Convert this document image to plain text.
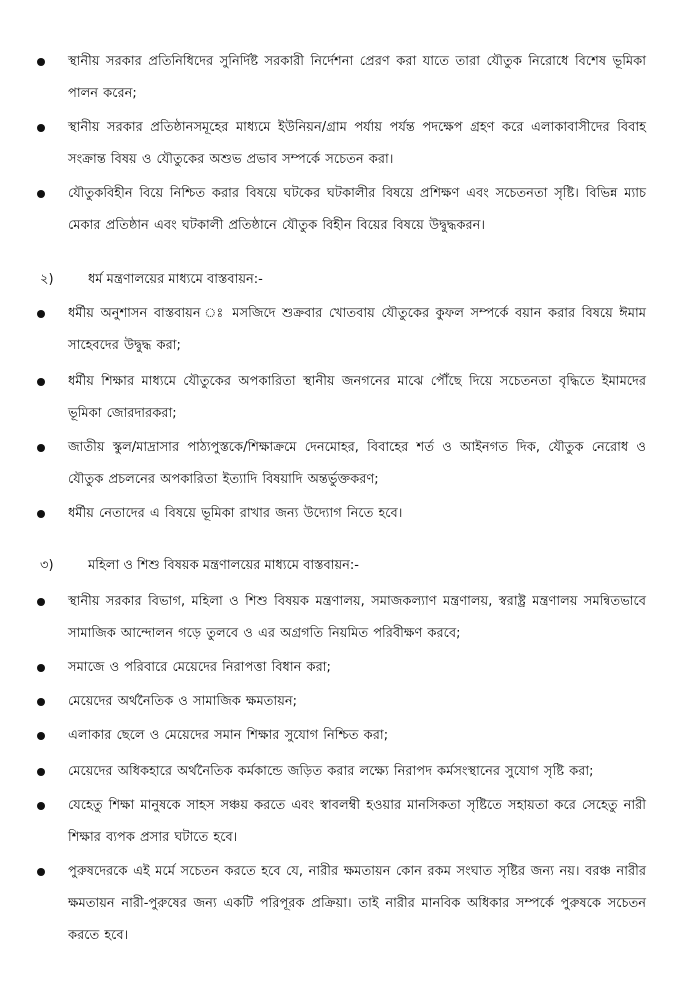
স্থানীয় সরকার প্রতিনিধিদের সুনির্দিষ্ট সরকারী নির্দেশনা প্রেরণ করা যাতে তারা যৌতুক নিরোধে বিশেষ ভূমিকা পালন করেন;
স্থানীয় সরকার প্রতিষ্ঠানসমূহের মাধ্যমে ইউনিয়ন/গ্রাম পর্যায় পর্যন্ত পদক্ষেপ গ্রহণ করে এলাকাবাসীদের বিবাহ সংক্রান্ত বিষয় ও যৌতুকের অশুভ প্রভাব সম্পর্কে সচেতন করা।
যৌতুকবিহীন বিয়ে নিশ্চিত করার বিষয়ে ঘটকের ঘটকালীর বিষয়ে প্রশিক্ষণ এবং সচেতনতা সৃষ্টি। বিভিন্ন ম্যাচ মেকার প্রতিষ্ঠান এবং ঘটকালী প্রতিষ্ঠানে যৌতুক বিহীন বিয়ের বিষয়ে উদ্বুদ্ধকরন।
২)	ধর্ম মন্ত্রণালয়ের মাধ্যমে বাস্তবায়ন:-
ধর্মীয় অনুশাসন বাস্তবায়ন ঃ মসজিদে শুক্রবার খোতবায় যৌতুকের কুফল সম্পর্কে বয়ান করার বিষয়ে ঈমাম সাহেবদের উদ্বুদ্ধ করা;
ধর্মীয় শিক্ষার মাধ্যমে যৌতুকের অপকারিতা স্থানীয় জনগনের মাঝে পৌঁছে দিয়ে সচেতনতা বৃদ্ধিতে ইমামদের ভূমিকা জোরদারকরা;
জাতীয় স্কুল/মাদ্রাসার পাঠ্যপুস্তকে/শিক্ষাক্রমে দেনমোহর, বিবাহের শর্ত ও আইনগত দিক, যৌতুক নেরোধ ও যৌতুক প্রচলনের অপকারিতা ইত্যাদি বিষয়াদি অন্তর্ভুক্তকরণ;
ধর্মীয় নেতাদের এ বিষয়ে ভূমিকা রাখার জন্য উদ্যোগ নিতে হবে।
৩)	মহিলা ও শিশু বিষয়ক মন্ত্রণালয়ের মাধ্যমে বাস্তবায়ন:-
স্থানীয় সরকার বিভাগ, মহিলা ও শিশু বিষয়ক মন্ত্রণালয়, সমাজকল্যাণ মন্ত্রণালয়, স্বরাষ্ট্র মন্ত্রণালয় সমন্বিতভাবে সামাজিক আন্দোলন গড়ে তুলবে ও এর অগ্রগতি নিয়মিত পরিবীক্ষণ করবে;
সমাজে ও পরিবারে মেয়েদের নিরাপত্তা বিধান করা;
মেয়েদের অর্থনৈতিক ও সামাজিক ক্ষমতায়ন;
এলাকার ছেলে ও মেয়েদের সমান শিক্ষার সুযোগ নিশ্চিত করা;
মেয়েদের অধিকহারে অর্থনৈতিক কর্মকান্ডে জড়িত করার লক্ষ্যে নিরাপদ কর্মসংস্থানের সুযোগ সৃষ্টি করা;
যেহেতু শিক্ষা মানুষকে সাহস সঞ্চয় করতে এবং স্বাবলম্বী হওয়ার মানসিকতা সৃষ্টিতে সহায়তা করে সেহেতু নারী শিক্ষার ব্যপক প্রসার ঘটাতে হবে।
পুরুষদেরকে এই মর্মে সচেতন করতে হবে যে, নারীর ক্ষমতায়ন কোন রকম সংঘাত সৃষ্টির জন্য নয়। বরঞ্চ নারীর ক্ষমতায়ন নারী-পুরুষের জন্য একটি পরিপূরক প্রক্রিয়া। তাই নারীর মানবিক অধিকার সম্পর্কে পুরুষকে সচেতন করতে হবে।
